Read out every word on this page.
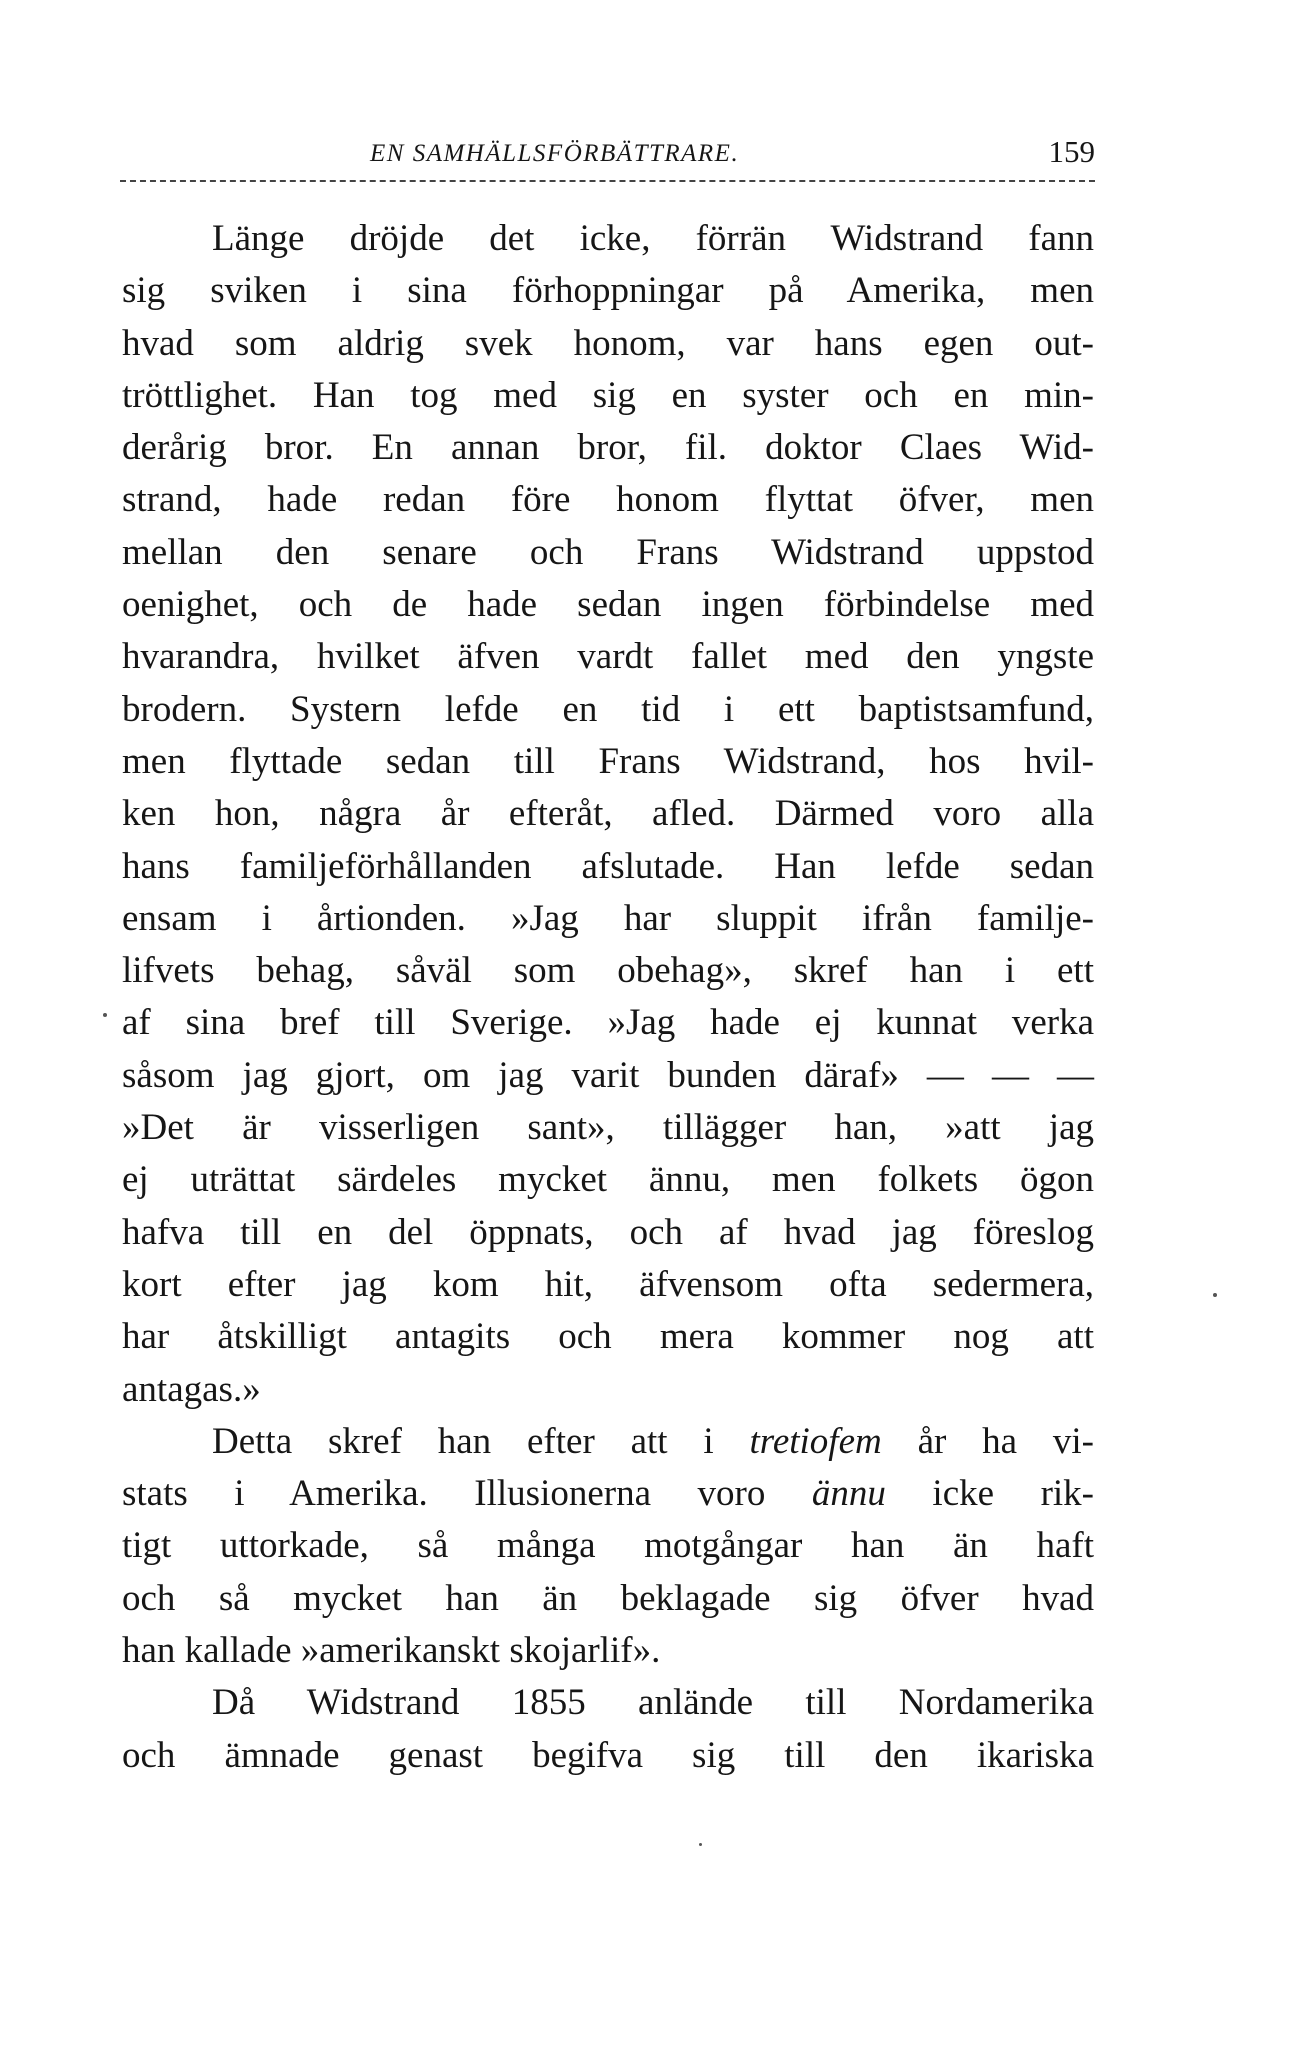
EN SAMHÄLLSFÖRBÄTTRARE.	159
Länge dröjde det icke, förrän Widstrand fann
sig sviken i sina förhoppningar på Amerika, men
hvad som aldrig svek honom, var hans egen out-
tröttlighet. Han tog med sig en syster och en min-
derårig bror. En annan bror, fil. doktor Claes Wid-
strand, hade redan före honom flyttat öfver, men
mellan den senare och Frans Widstrand uppstod
oenighet, och de hade sedan ingen förbindelse med
hvarandra, hvilket äfven vardt fallet med den yngste
brodern. Systern lefde en tid i ett baptistsamfund,
men flyttade sedan till Frans Widstrand, hos hvil-
ken hon, några år efteråt, afled. Därmed voro alla
hans familjeförhållanden afslutade. Han lefde sedan
ensam i årtionden. »Jag har sluppit ifrån familje-
lifvets behag, såväl som obehag», skref han i ett
af sina bref till Sverige. »Jag hade ej kunnat verka
såsom jag gjort, om jag varit bunden däraf» — — —
»Det är visserligen sant», tillägger han, »att jag
ej uträttat särdeles mycket ännu, men folkets ögon
hafva till en del öppnats, och af hvad jag föreslog
kort efter jag kom hit, äfvensom ofta sedermera,
har åtskilligt antagits och mera kommer nog att
antagas.»
Detta skref han efter att i tretiofem år ha vi-
stats i Amerika. Illusionerna voro ännu icke rik-
tigt uttorkade, så många motgångar han än haft
och så mycket han än beklagade sig öfver hvad
han kallade »amerikanskt skojarlif».
Då Widstrand 1855 anlände till Nordamerika
och ämnade genast begifva sig till den ikariska
